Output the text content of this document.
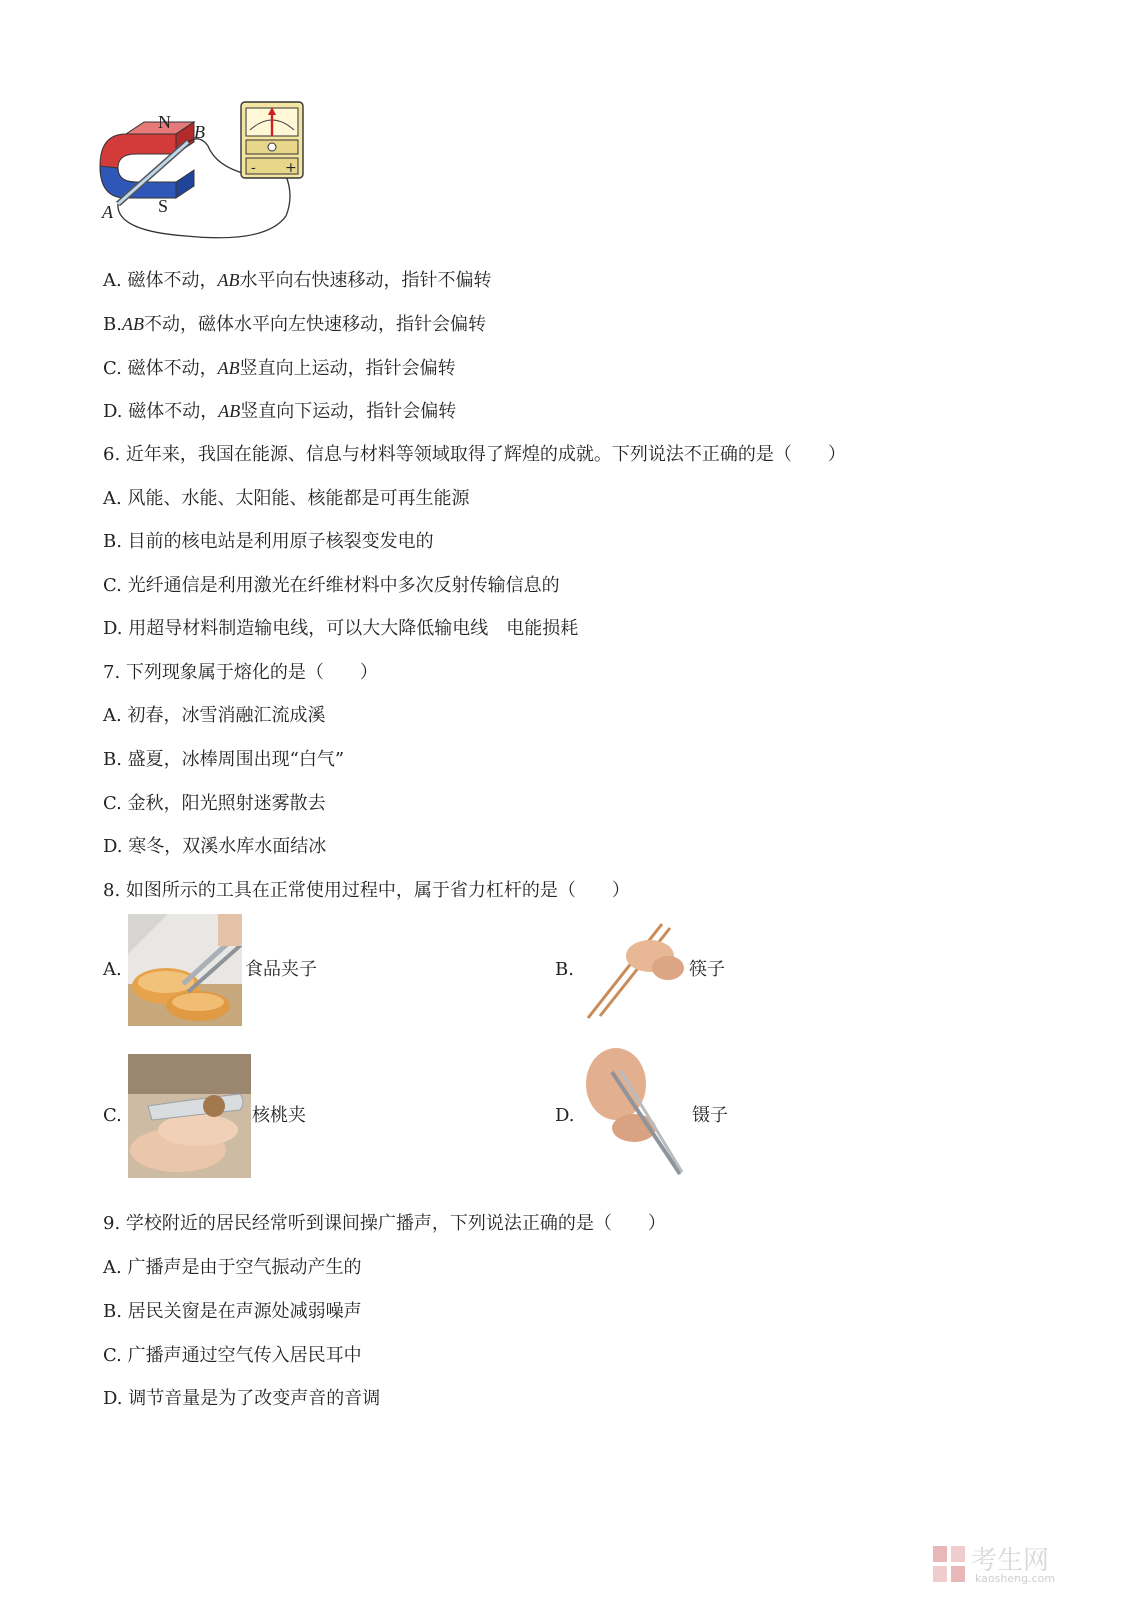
N B
A	S
- +
A. 磁体不动，AB水平向右快速移动，指针不偏转
B.AB不动，磁体水平向左快速移动，指针会偏转
C. 磁体不动，AB竖直向上运动，指针会偏转
D. 磁体不动，AB竖直向下运动，指针会偏转
6. 近年来，我国在能源、信息与材料等领域取得了辉煌的成就。下列说法不正确的是（　　）
A. 风能、水能、太阳能、核能都是可再生能源
B. 目前的核电站是利用原子核裂变发电的
C. 光纤通信是利用激光在纤维材料中多次反射传输信息的
D. 用超导材料制造输电线，可以大大降低输电线　电能损耗
7. 下列现象属于熔化的是（　　）
A. 初春，冰雪消融汇流成溪
B. 盛夏，冰棒周围出现“白气”
C. 金秋，阳光照射迷雾散去
D. 寒冬，双溪水库水面结冰
8. 如图所示的工具在正常使用过程中，属于省力杠杆的是（　　）
A.	食品夹子	B.	筷子
C.	核桃夹	D.	镊子
9. 学校附近的居民经常听到课间操广播声，下列说法正确的是（　　）
A. 广播声是由于空气振动产生的
B. 居民关窗是在声源处减弱噪声
C. 广播声通过空气传入居民耳中
D. 调节音量是为了改变声音的音调
考生网
kaosheng.com
